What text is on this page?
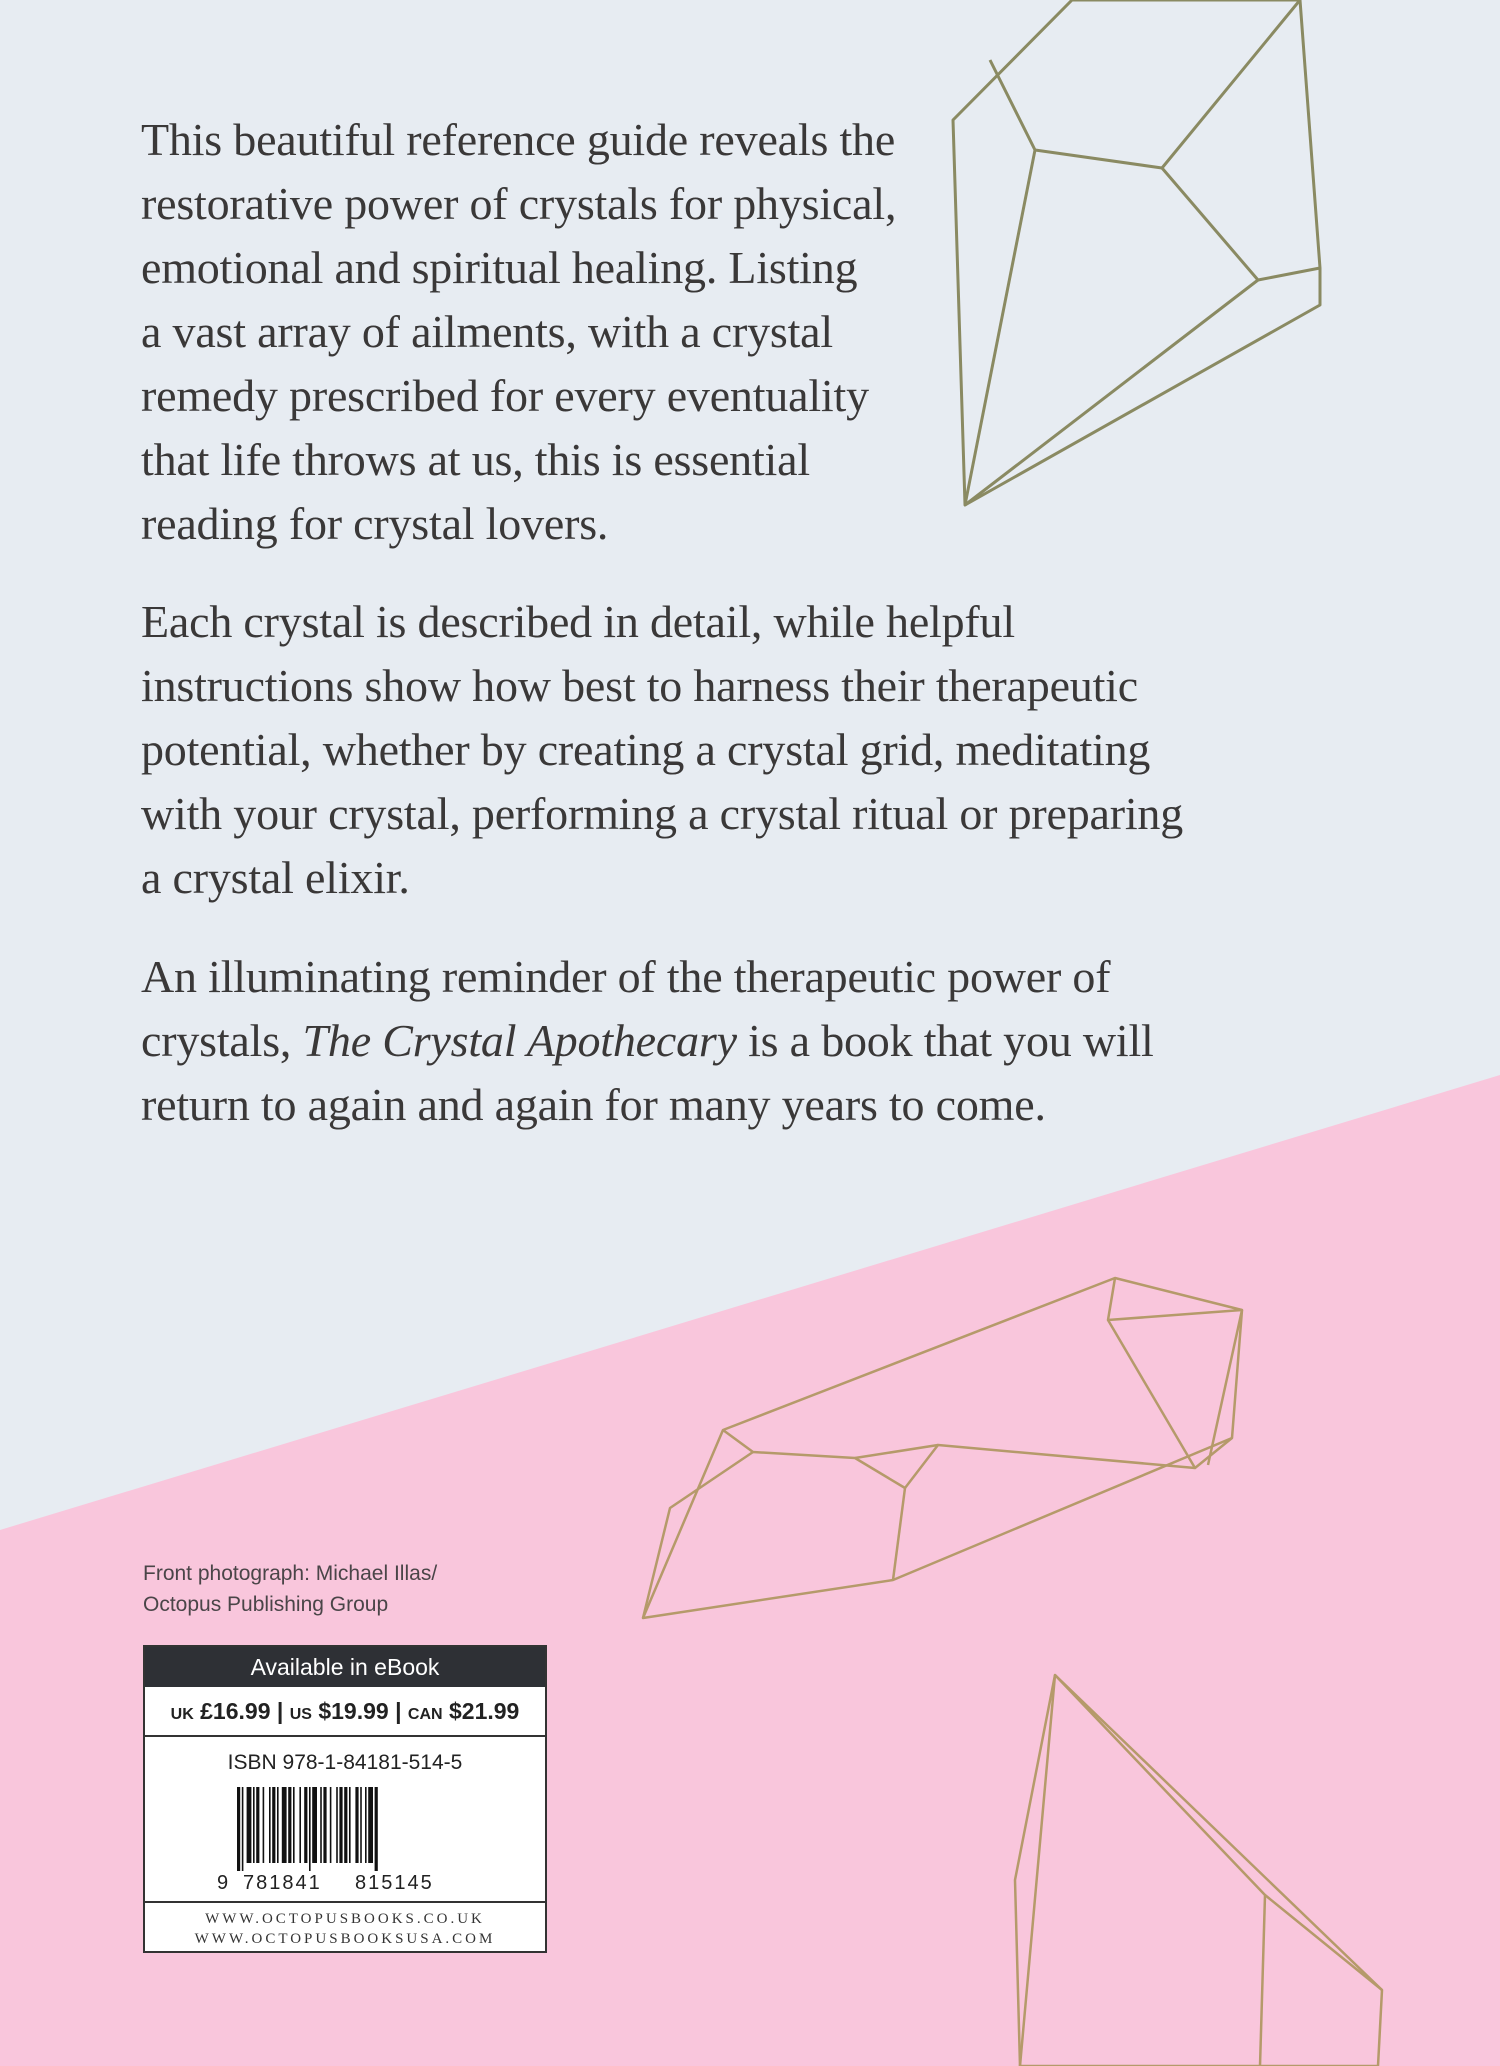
This beautiful reference guide reveals the
restorative power of crystals for physical,
emotional and spiritual healing. Listing
a vast array of ailments, with a crystal
remedy prescribed for every eventuality
that life throws at us, this is essential
reading for crystal lovers.

Each crystal is described in detail, while helpful
instructions show how best to harness their therapeutic
potential, whether by creating a crystal grid, meditating
with your crystal, performing a crystal ritual or preparing
a crystal elixir.

An illuminating reminder of the therapeutic power of
crystals, The Crystal Apothecary is a book that you will
return to again and again for many years to come.

Front photograph: Michael Illas/
Octopus Publishing Group
Available in eBook
UK £16.99 | US $19.99 | CAN $21.99
ISBN 978-1-84181-514-5
9 781841 815145
WWW.OCTOPUSBOOKS.CO.UK
WWW.OCTOPUSBOOKSUSA.COM
